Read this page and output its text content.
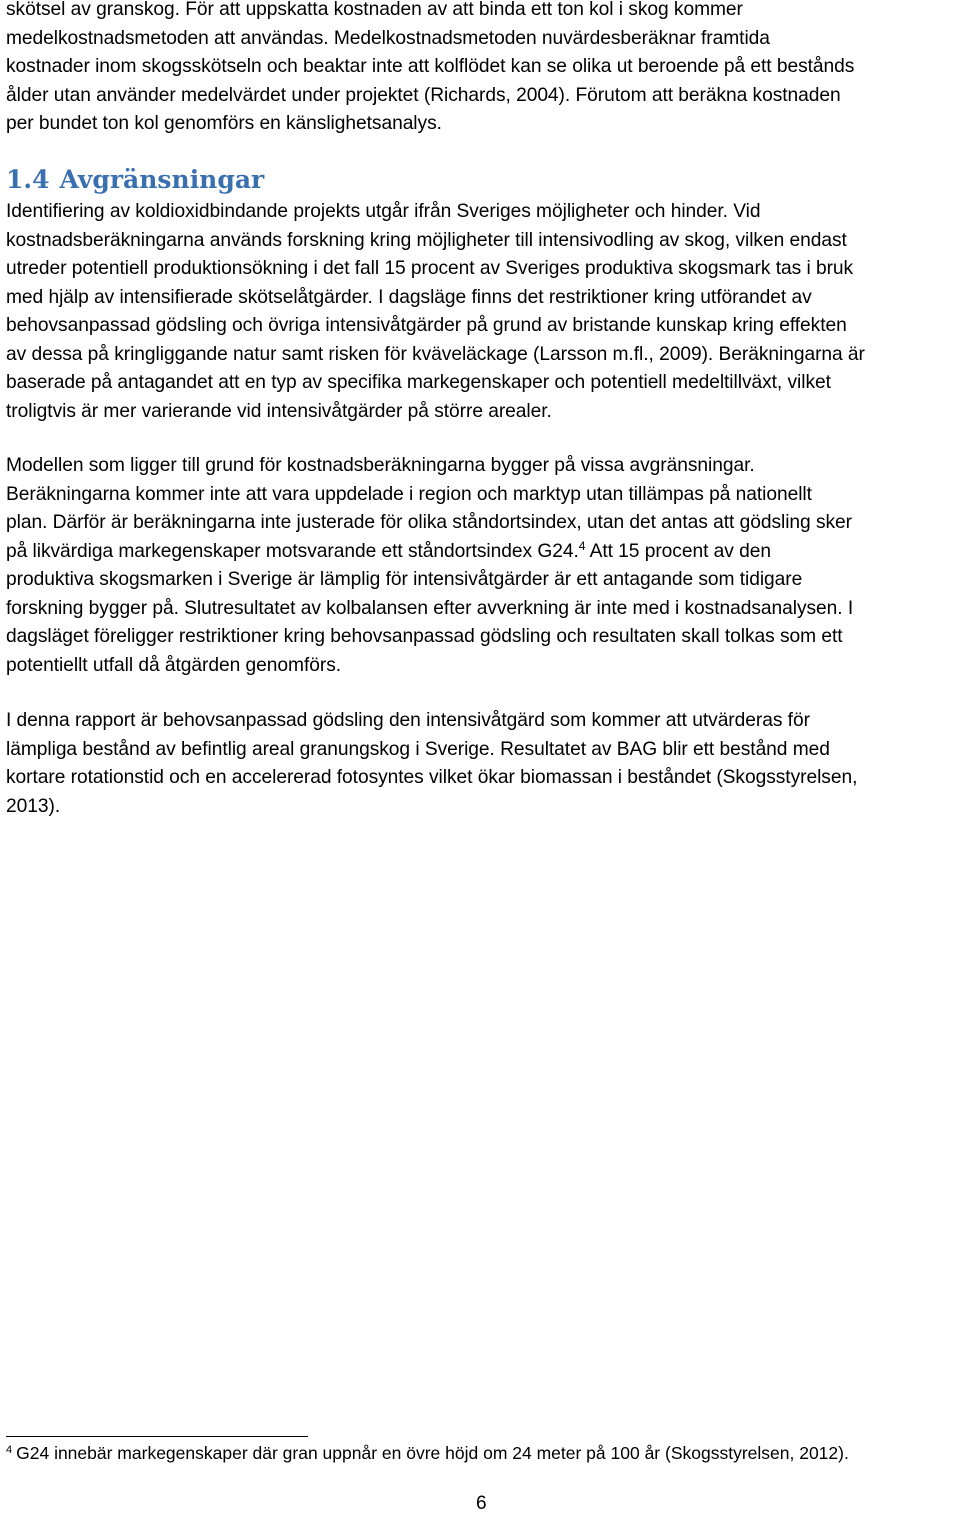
skötsel av granskog. För att uppskatta kostnaden av att binda ett ton kol i skog kommer
medelkostnadsmetoden att användas. Medelkostnadsmetoden nuvärdesberäknar framtida
kostnader inom skogsskötseln och beaktar inte att kolflödet kan se olika ut beroende på ett bestånds
ålder utan använder medelvärdet under projektet (Richards, 2004). Förutom att beräkna kostnaden
per bundet ton kol genomförs en känslighetsanalys.

1.4 Avgränsningar

Identifiering av koldioxidbindande projekts utgår ifrån Sveriges möjligheter och hinder. Vid
kostnadsberäkningarna används forskning kring möjligheter till intensivodling av skog, vilken endast
utreder potentiell produktionsökning i det fall 15 procent av Sveriges produktiva skogsmark tas i bruk
med hjälp av intensifierade skötselåtgärder. I dagsläge finns det restriktioner kring utförandet av
behovsanpassad gödsling och övriga intensivåtgärder på grund av bristande kunskap kring effekten
av dessa på kringliggande natur samt risken för kväveläckage (Larsson m.fl., 2009). Beräkningarna är
baserade på antagandet att en typ av specifika markegenskaper och potentiell medeltillväxt, vilket
troligtvis är mer varierande vid intensivåtgärder på större arealer.

Modellen som ligger till grund för kostnadsberäkningarna bygger på vissa avgränsningar.
Beräkningarna kommer inte att vara uppdelade i region och marktyp utan tillämpas på nationellt
plan. Därför är beräkningarna inte justerade för olika ståndortsindex, utan det antas att gödsling sker
på likvärdiga markegenskaper motsvarande ett ståndortsindex G24.$^4$ Att 15 procent av den
produktiva skogsmarken i Sverige är lämplig för intensivåtgärder är ett antagande som tidigare
forskning bygger på. Slutresultatet av kolbalansen efter avverkning är inte med i kostnadsanalysen. I
dagsläget föreligger restriktioner kring behovsanpassad gödsling och resultaten skall tolkas som ett
potentiellt utfall då åtgärden genomförs.

I denna rapport är behovsanpassad gödsling den intensivåtgärd som kommer att utvärderas för
lämpliga bestånd av befintlig areal granungskog i Sverige. Resultatet av BAG blir ett bestånd med
kortare rotationstid och en accelererad fotosyntes vilket ökar biomassan i beståndet (Skogsstyrelsen,
2013).

$^4$ G24 innebär markegenskaper där gran uppnår en övre höjd om 24 meter på 100 år (Skogsstyrelsen, 2012).
6
